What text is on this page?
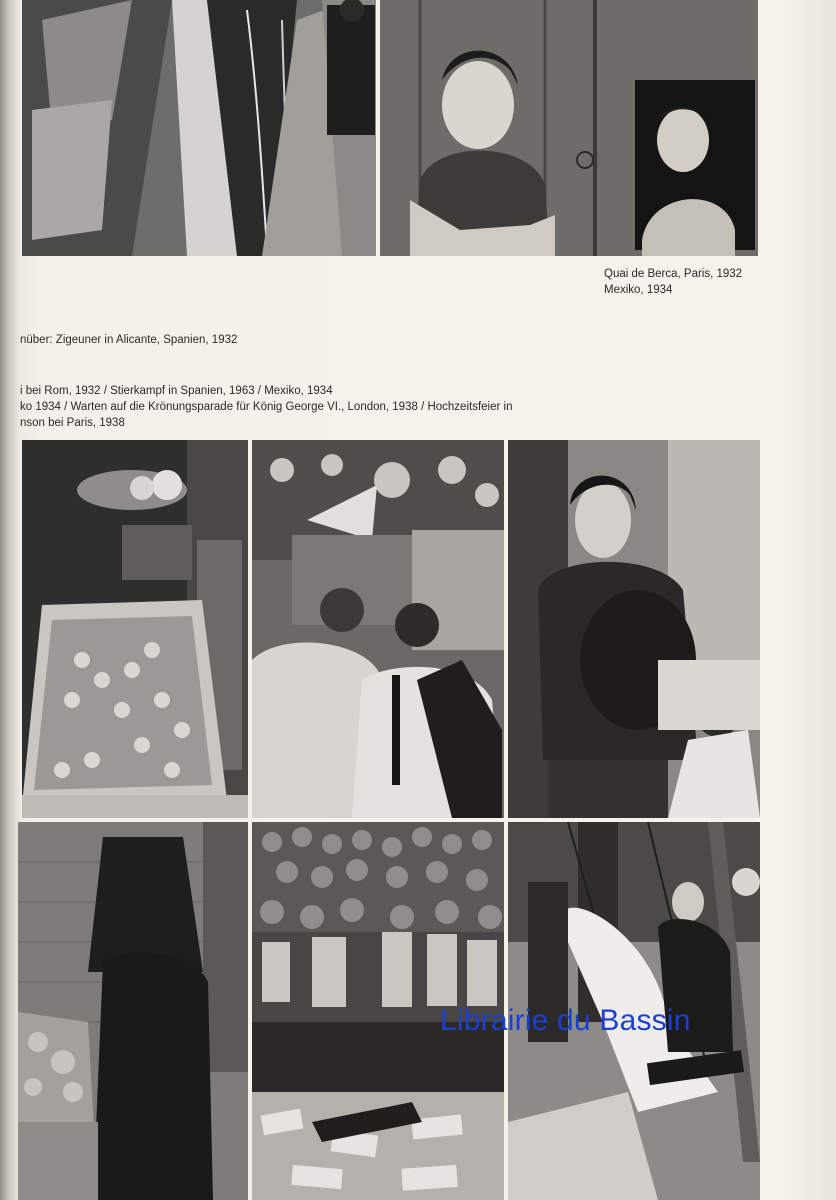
Quai de Berca, Paris, 1932
Mexiko, 1934
nüber: Zigeuner in Alicante, Spanien, 1932
i bei Rom, 1932 / Stierkampf in Spanien, 1963 / Mexiko, 1934
ko 1934 / Warten auf die Krönungsparade für König George VI., London, 1938 / Hochzeitsfeier in
nson bei Paris, 1938
Librairie du Bassin
